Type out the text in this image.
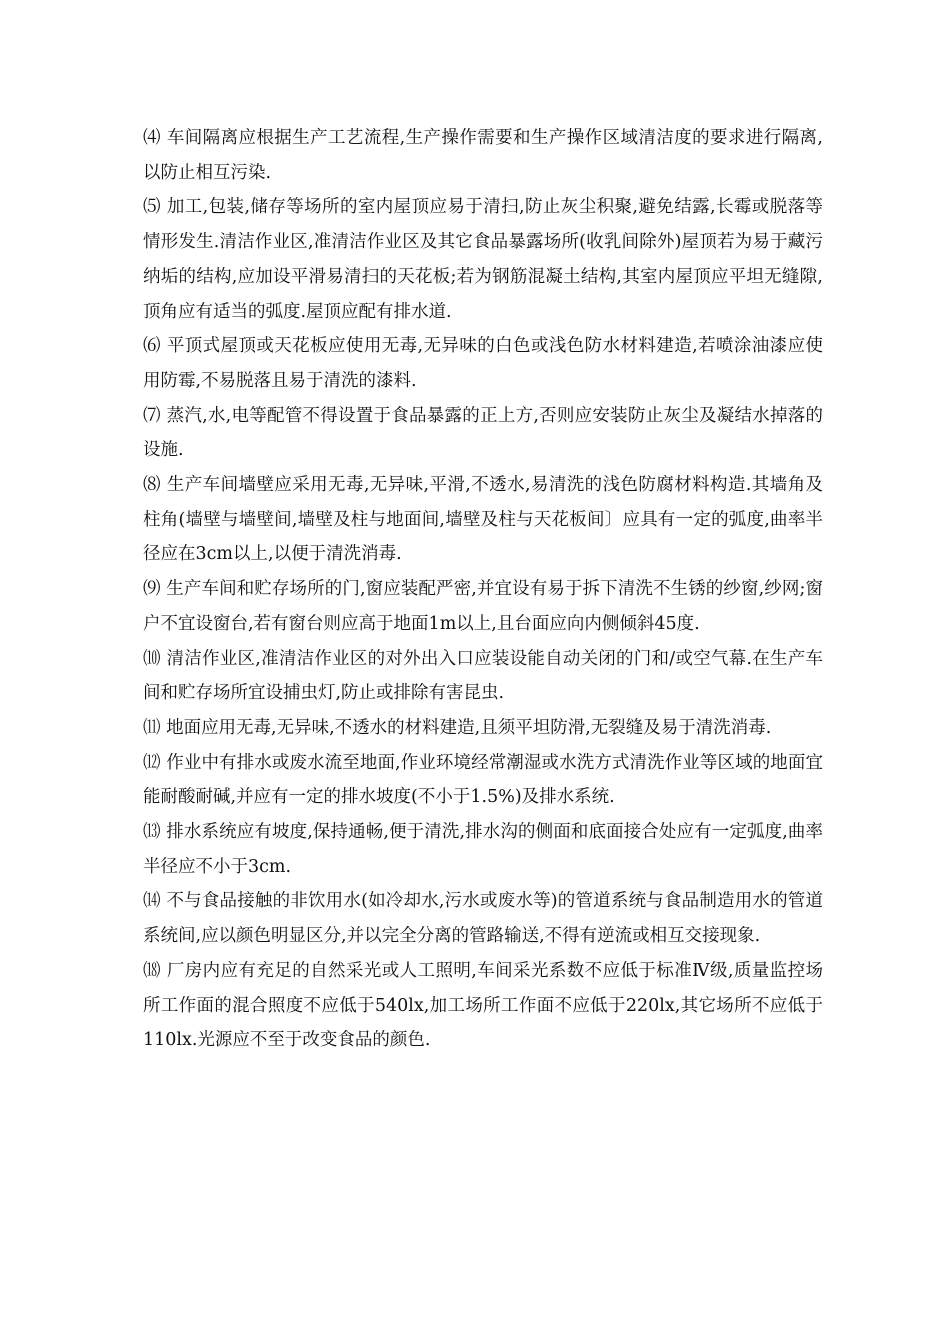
⑷ 车间隔离应根据生产工艺流程,生产操作需要和生产操作区域清洁度的要求进行隔离,以防止相互污染.

⑸ 加工,包装,储存等场所的室内屋顶应易于清扫,防止灰尘积聚,避免结露,长霉或脱落等情形发生.清洁作业区,准清洁作业区及其它食品暴露场所(收乳间除外)屋顶若为易于藏污纳垢的结构,应加设平滑易清扫的天花板;若为钢筋混凝土结构,其室内屋顶应平坦无缝隙,顶角应有适当的弧度.屋顶应配有排水道.

⑹ 平顶式屋顶或天花板应使用无毒,无异味的白色或浅色防水材料建造,若喷涂油漆应使用防霉,不易脱落且易于清洗的漆料.

⑺ 蒸汽,水,电等配管不得设置于食品暴露的正上方,否则应安装防止灰尘及凝结水掉落的设施.

⑻ 生产车间墙壁应采用无毒,无异味,平滑,不透水,易清洗的浅色防腐材料构造.其墙角及柱角(墙壁与墙壁间,墙壁及柱与地面间,墙壁及柱与天花板间〕应具有一定的弧度,曲率半径应在3cm以上,以便于清洗消毒.

⑼ 生产车间和贮存场所的门,窗应装配严密,并宜设有易于拆下清洗不生锈的纱窗,纱网;窗户不宜设窗台,若有窗台则应高于地面1m以上,且台面应向内侧倾斜45度.

⑽ 清洁作业区,准清洁作业区的对外出入口应装设能自动关闭的门和/或空气幕.在生产车间和贮存场所宜设捕虫灯,防止或排除有害昆虫.

⑾ 地面应用无毒,无异味,不透水的材料建造,且须平坦防滑,无裂缝及易于清洗消毒.

⑿ 作业中有排水或废水流至地面,作业环境经常潮湿或水洗方式清洗作业等区域的地面宜能耐酸耐碱,并应有一定的排水坡度(不小于1.5%)及排水系统.

⒀ 排水系统应有坡度,保持通畅,便于清洗,排水沟的侧面和底面接合处应有一定弧度,曲率半径应不小于3cm.

⒁ 不与食品接触的非饮用水(如冷却水,污水或废水等)的管道系统与食品制造用水的管道系统间,应以颜色明显区分,并以完全分离的管路输送,不得有逆流或相互交接现象.

⒅ 厂房内应有充足的自然采光或人工照明,车间采光系数不应低于标准Ⅳ级,质量监控场所工作面的混合照度不应低于540lx,加工场所工作面不应低于220lx,其它场所不应低于110lx.光源应不至于改变食品的颜色.
